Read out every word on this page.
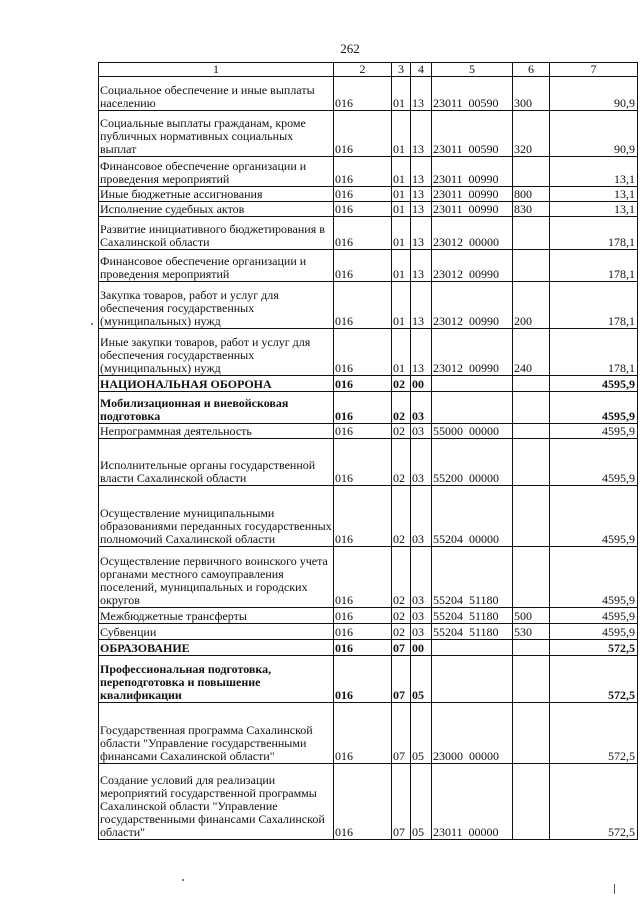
262
1	2	3	4	5	6	7
Социальное обеспечение и иные выплаты населению	016	01	13	23011  00590	300	90,9
Социальные выплаты гражданам, кроме публичных нормативных социальных выплат	016	01	13	23011  00590	320	90,9
Финансовое обеспечение организации и проведения мероприятий	016	01	13	23011  00990		13,1
Иные бюджетные ассигнования	016	01	13	23011  00990	800	13,1
Исполнение судебных актов	016	01	13	23011  00990	830	13,1
Развитие инициативного бюджетирования в Сахалинской области	016	01	13	23012  00000		178,1
Финансовое обеспечение организации и проведения мероприятий	016	01	13	23012  00990		178,1
Закупка товаров, работ и услуг для обеспечения государственных (муниципальных) нужд	016	01	13	23012  00990	200	178,1
Иные закупки товаров, работ и услуг для обеспечения государственных (муниципальных) нужд	016	01	13	23012  00990	240	178,1
НАЦИОНАЛЬНАЯ ОБОРОНА	016	02	00			4595,9
Мобилизационная и вневойсковая подготовка	016	02	03			4595,9
Непрограммная деятельность	016	02	03	55000  00000		4595,9
Исполнительные органы государственной власти Сахалинской области	016	02	03	55200  00000		4595,9
Осуществление муниципальными образованиями переданных государственных полномочий Сахалинской области	016	02	03	55204  00000		4595,9
Осуществление первичного воинского учета органами местного самоуправления поселений, муниципальных и городских округов	016	02	03	55204  51180		4595,9
Межбюджетные трансферты	016	02	03	55204  51180	500	4595,9
Субвенции	016	02	03	55204  51180	530	4595,9
ОБРАЗОВАНИЕ	016	07	00			572,5
Профессиональная подготовка, переподготовка и повышение квалификации	016	07	05			572,5
Государственная программа Сахалинской области "Управление государственными финансами Сахалинской области"	016	07	05	23000  00000		572,5
Создание условий для реализации мероприятий государственной программы Сахалинской области "Управление государственными финансами Сахалинской области"	016	07	05	23011  00000		572,5
